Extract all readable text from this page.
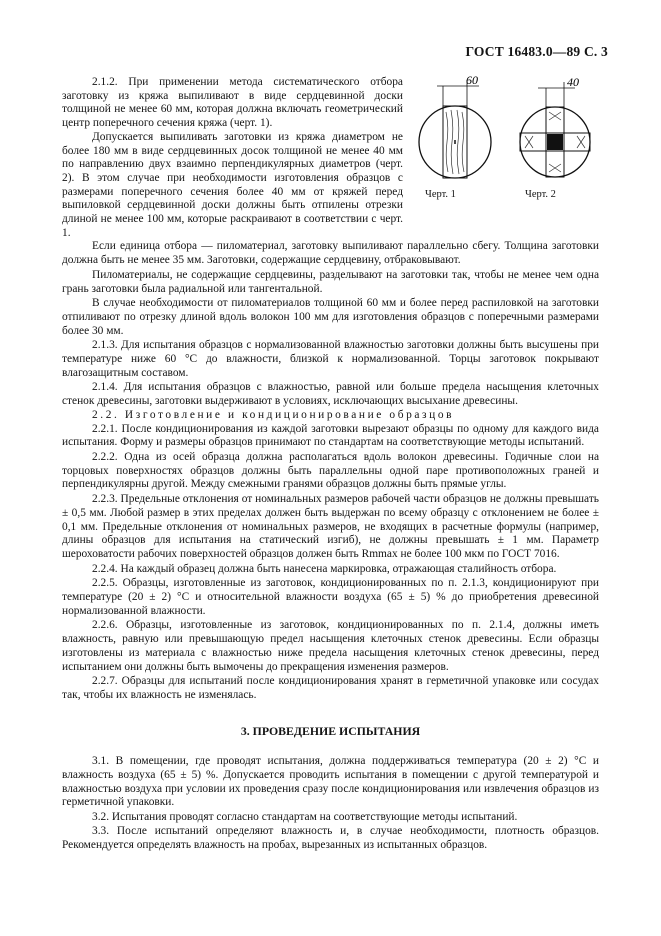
ГОСТ 16483.0—89 С. 3
60	40
Черт. 1	Черт. 2

2.1.2. При применении метода систематического отбора заготовку из кряжа выпиливают в виде сердцевинной доски толщиной не менее 60 мм, которая должна включать геометрический центр поперечного сечения кряжа (черт. 1).

Допускается выпиливать заготовки из кряжа диаметром не более 180 мм в виде сердцевинных досок толщиной не менее 40 мм по направлению двух взаимно перпендикулярных диаметров (черт. 2). В этом случае при необходимости изготовления образцов с размерами поперечного сечения более 40 мм от кряжей перед выпиловкой сердцевинной доски должны быть отпилены отрезки длиной не менее 100 мм, которые раскраивают в соответствии с черт. 1.

Если единица отбора — пиломатериал, заготовку выпиливают параллельно сбегу. Толщина заготовки должна быть не менее 35 мм. Заготовки, содержащие сердцевину, отбраковывают.

Пиломатериалы, не содержащие сердцевины, разделывают на заготовки так, чтобы не менее чем одна грань заготовки была радиальной или тангентальной.

В случае необходимости от пиломатериалов толщиной 60 мм и более перед распиловкой на заготовки отпиливают по отрезку длиной вдоль волокон 100 мм для изготовления образцов с поперечными размерами более 30 мм.

2.1.3. Для испытания образцов с нормализованной влажностью заготовки должны быть высушены при температуре ниже 60 °С до влажности, близкой к нормализованной. Торцы заготовок покрывают влагозащитным составом.

2.1.4. Для испытания образцов с влажностью, равной или больше предела насыщения клеточных стенок древесины, заготовки выдерживают в условиях, исключающих высыхание древесины.

2.2. Изготовление и кондиционирование образцов

2.2.1. После кондиционирования из каждой заготовки вырезают образцы по одному для каждого вида испытания. Форму и размеры образцов принимают по стандартам на соответствующие методы испытаний.

2.2.2. Одна из осей образца должна располагаться вдоль волокон древесины. Годичные слои на торцовых поверхностях образцов должны быть параллельны одной паре противоположных граней и перпендикулярны другой. Между смежными гранями образцов должны быть прямые углы.

2.2.3. Предельные отклонения от номинальных размеров рабочей части образцов не должны превышать ± 0,5 мм. Любой размер в этих пределах должен быть выдержан по всему образцу с отклонением не более ± 0,1 мм. Предельные отклонения от номинальных размеров, не входящих в расчетные формулы (например, длины образцов для испытания на статический изгиб), не должны превышать ± 1 мм. Параметр шероховатости рабочих поверхностей образцов должен быть Rmmax не более 100 мкм по ГОСТ 7016.

2.2.4. На каждый образец должна быть нанесена маркировка, отражающая сталийность отбора.

2.2.5. Образцы, изготовленные из заготовок, кондиционированных по п. 2.1.3, кондиционируют при температуре (20 ± 2) °С и относительной влажности воздуха (65 ± 5) % до приобретения древесиной нормализованной влажности.

2.2.6. Образцы, изготовленные из заготовок, кондиционированных по п. 2.1.4, должны иметь влажность, равную или превышающую предел насыщения клеточных стенок древесины. Если образцы изготовлены из материала с влажностью ниже предела насыщения клеточных стенок древесины, перед испытанием они должны быть вымочены до прекращения изменения размеров.

2.2.7. Образцы для испытаний после кондиционирования хранят в герметичной упаковке или сосудах так, чтобы их влажность не изменялась.

3. ПРОВЕДЕНИЕ ИСПЫТАНИЯ

3.1. В помещении, где проводят испытания, должна поддерживаться температура (20 ± 2) °С и влажность воздуха (65 ± 5) %. Допускается проводить испытания в помещении с другой температурой и влажностью воздуха при условии их проведения сразу после кондиционирования или извлечения образцов из герметичной упаковки.

3.2. Испытания проводят согласно стандартам на соответствующие методы испытаний.

3.3. После испытаний определяют влажность и, в случае необходимости, плотность образцов. Рекомендуется определять влажность на пробах, вырезанных из испытанных образцов.
